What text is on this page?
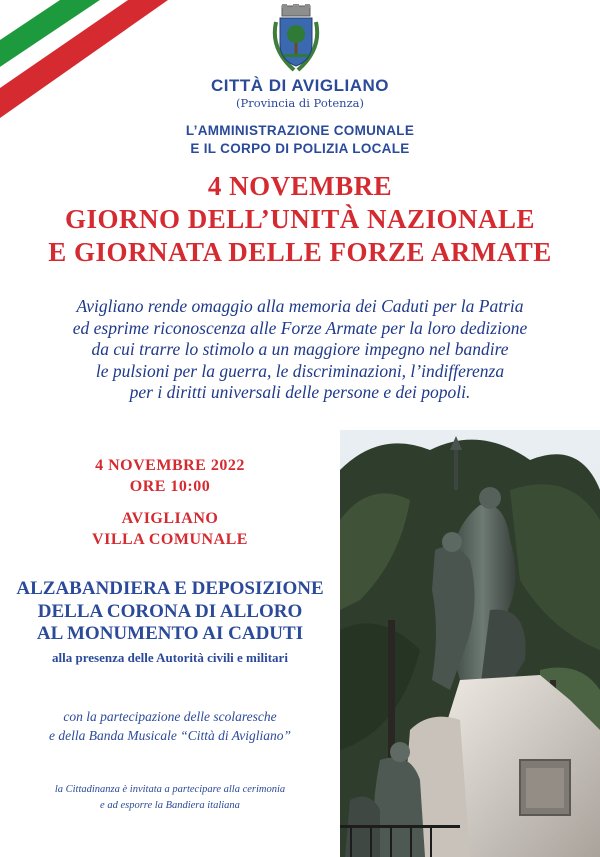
CITTÀ DI AVIGLIANO
(Provincia di Potenza)
L’AMMINISTRAZIONE COMUNALE
E IL CORPO DI POLIZIA LOCALE
4 NOVEMBRE
GIORNO DELL’UNITÀ NAZIONALE
E GIORNATA DELLE FORZE ARMATE
Avigliano rende omaggio alla memoria dei Caduti per la Patria
ed esprime riconoscenza alle Forze Armate per la loro dedizione
da cui trarre lo stimolo a un maggiore impegno nel bandire
le pulsioni per la guerra, le discriminazioni, l’indifferenza
per i diritti universali delle persone e dei popoli.
4 NOVEMBRE 2022
ORE 10:00
AVIGLIANO
VILLA COMUNALE
ALZABANDIERA E DEPOSIZIONE
DELLA CORONA DI ALLORO
AL MONUMENTO AI CADUTI
alla presenza delle Autorità civili e militari
con la partecipazione delle scolaresche
e della Banda Musicale “Città di Avigliano”
la Cittadinanza è invitata a partecipare alla cerimonia
e ad esporre la Bandiera italiana
